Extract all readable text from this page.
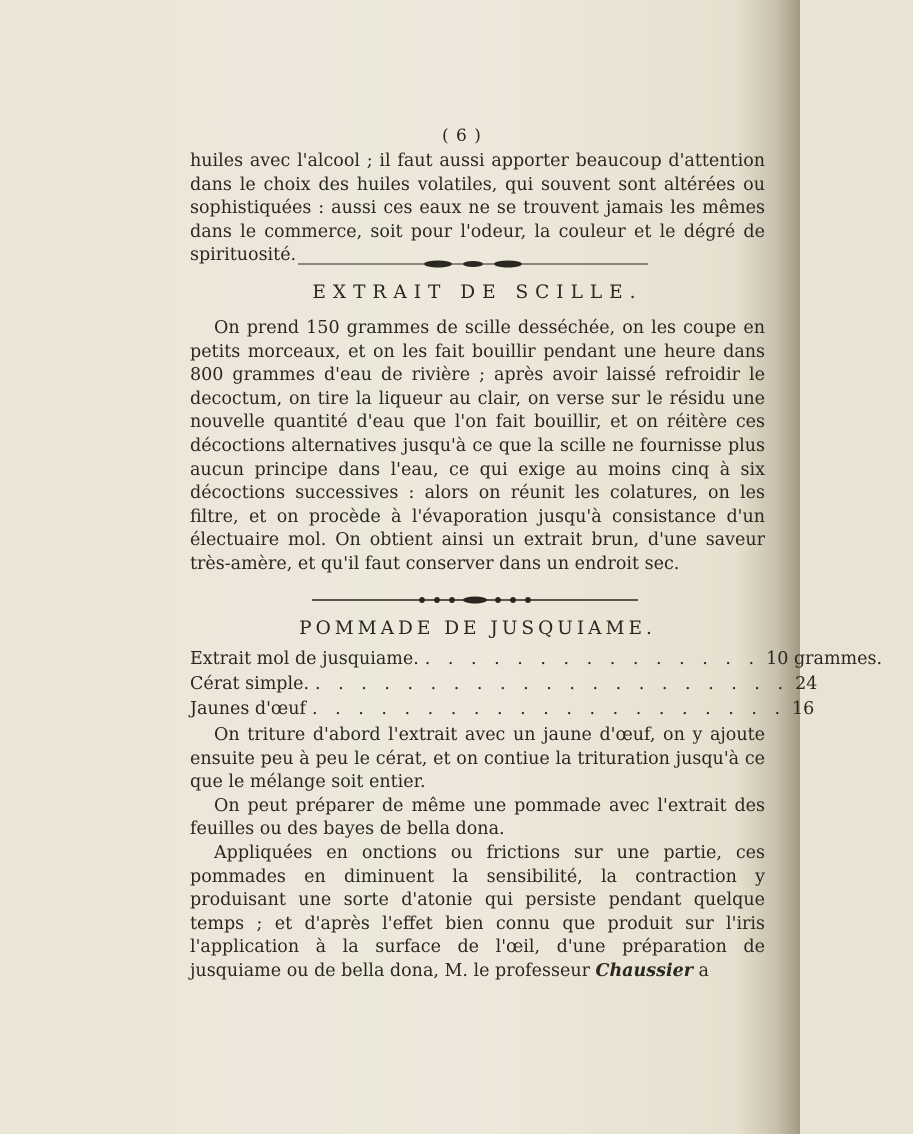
( 6 )

huiles avec l'alcool ; il faut aussi apporter beaucoup d'attention dans le choix des huiles volatiles, qui souvent sont altérées ou sophistiquées : aussi ces eaux ne se trouvent jamais les mêmes dans le commerce, soit pour l'odeur, la couleur et le dégré de spirituosité.

EXTRAIT DE SCILLE.

On prend 150 grammes de scille desséchée, on les coupe en petits morceaux, et on les fait bouillir pendant une heure dans 800 grammes d'eau de rivière ; après avoir laissé refroidir le decoctum, on tire la liqueur au clair, on verse sur le résidu une nouvelle quantité d'eau que l'on fait bouillir, et on réitère ces décoctions alternatives jusqu'à ce que la scille ne fournisse plus aucun principe dans l'eau, ce qui exige au moins cinq à six décoctions successives : alors on réunit les colatures, on les filtre, et on procède à l'évaporation jusqu'à consistance d'un électuaire mol. On obtient ainsi un extrait brun, d'une saveur très-amère, et qu'il faut conserver dans un endroit sec.

POMMADE DE JUSQUIAME.
Extrait mol de jusquiame. . . . . . . . . . . . . . . . 10 grammes.
Cérat simple. . . . . . . . . . . . . . . . . . . . . . 24
Jaunes d'œuf . . . . . . . . . . . . . . . . . . . . . 16

On triture d'abord l'extrait avec un jaune d'œuf, on y ajoute ensuite peu à peu le cérat, et on contiue la trituration jusqu'à ce que le mélange soit entier.

On peut préparer de même une pommade avec l'extrait des feuilles ou des bayes de bella dona.

Appliquées en onctions ou frictions sur une partie, ces pommades en diminuent la sensibilité, la contraction y produisant une sorte d'atonie qui persiste pendant quelque temps ; et d'après l'effet bien connu que produit sur l'iris l'application à la surface de l'œil, d'une préparation de jusquiame ou de bella dona, M. le professeur Chaussier a
